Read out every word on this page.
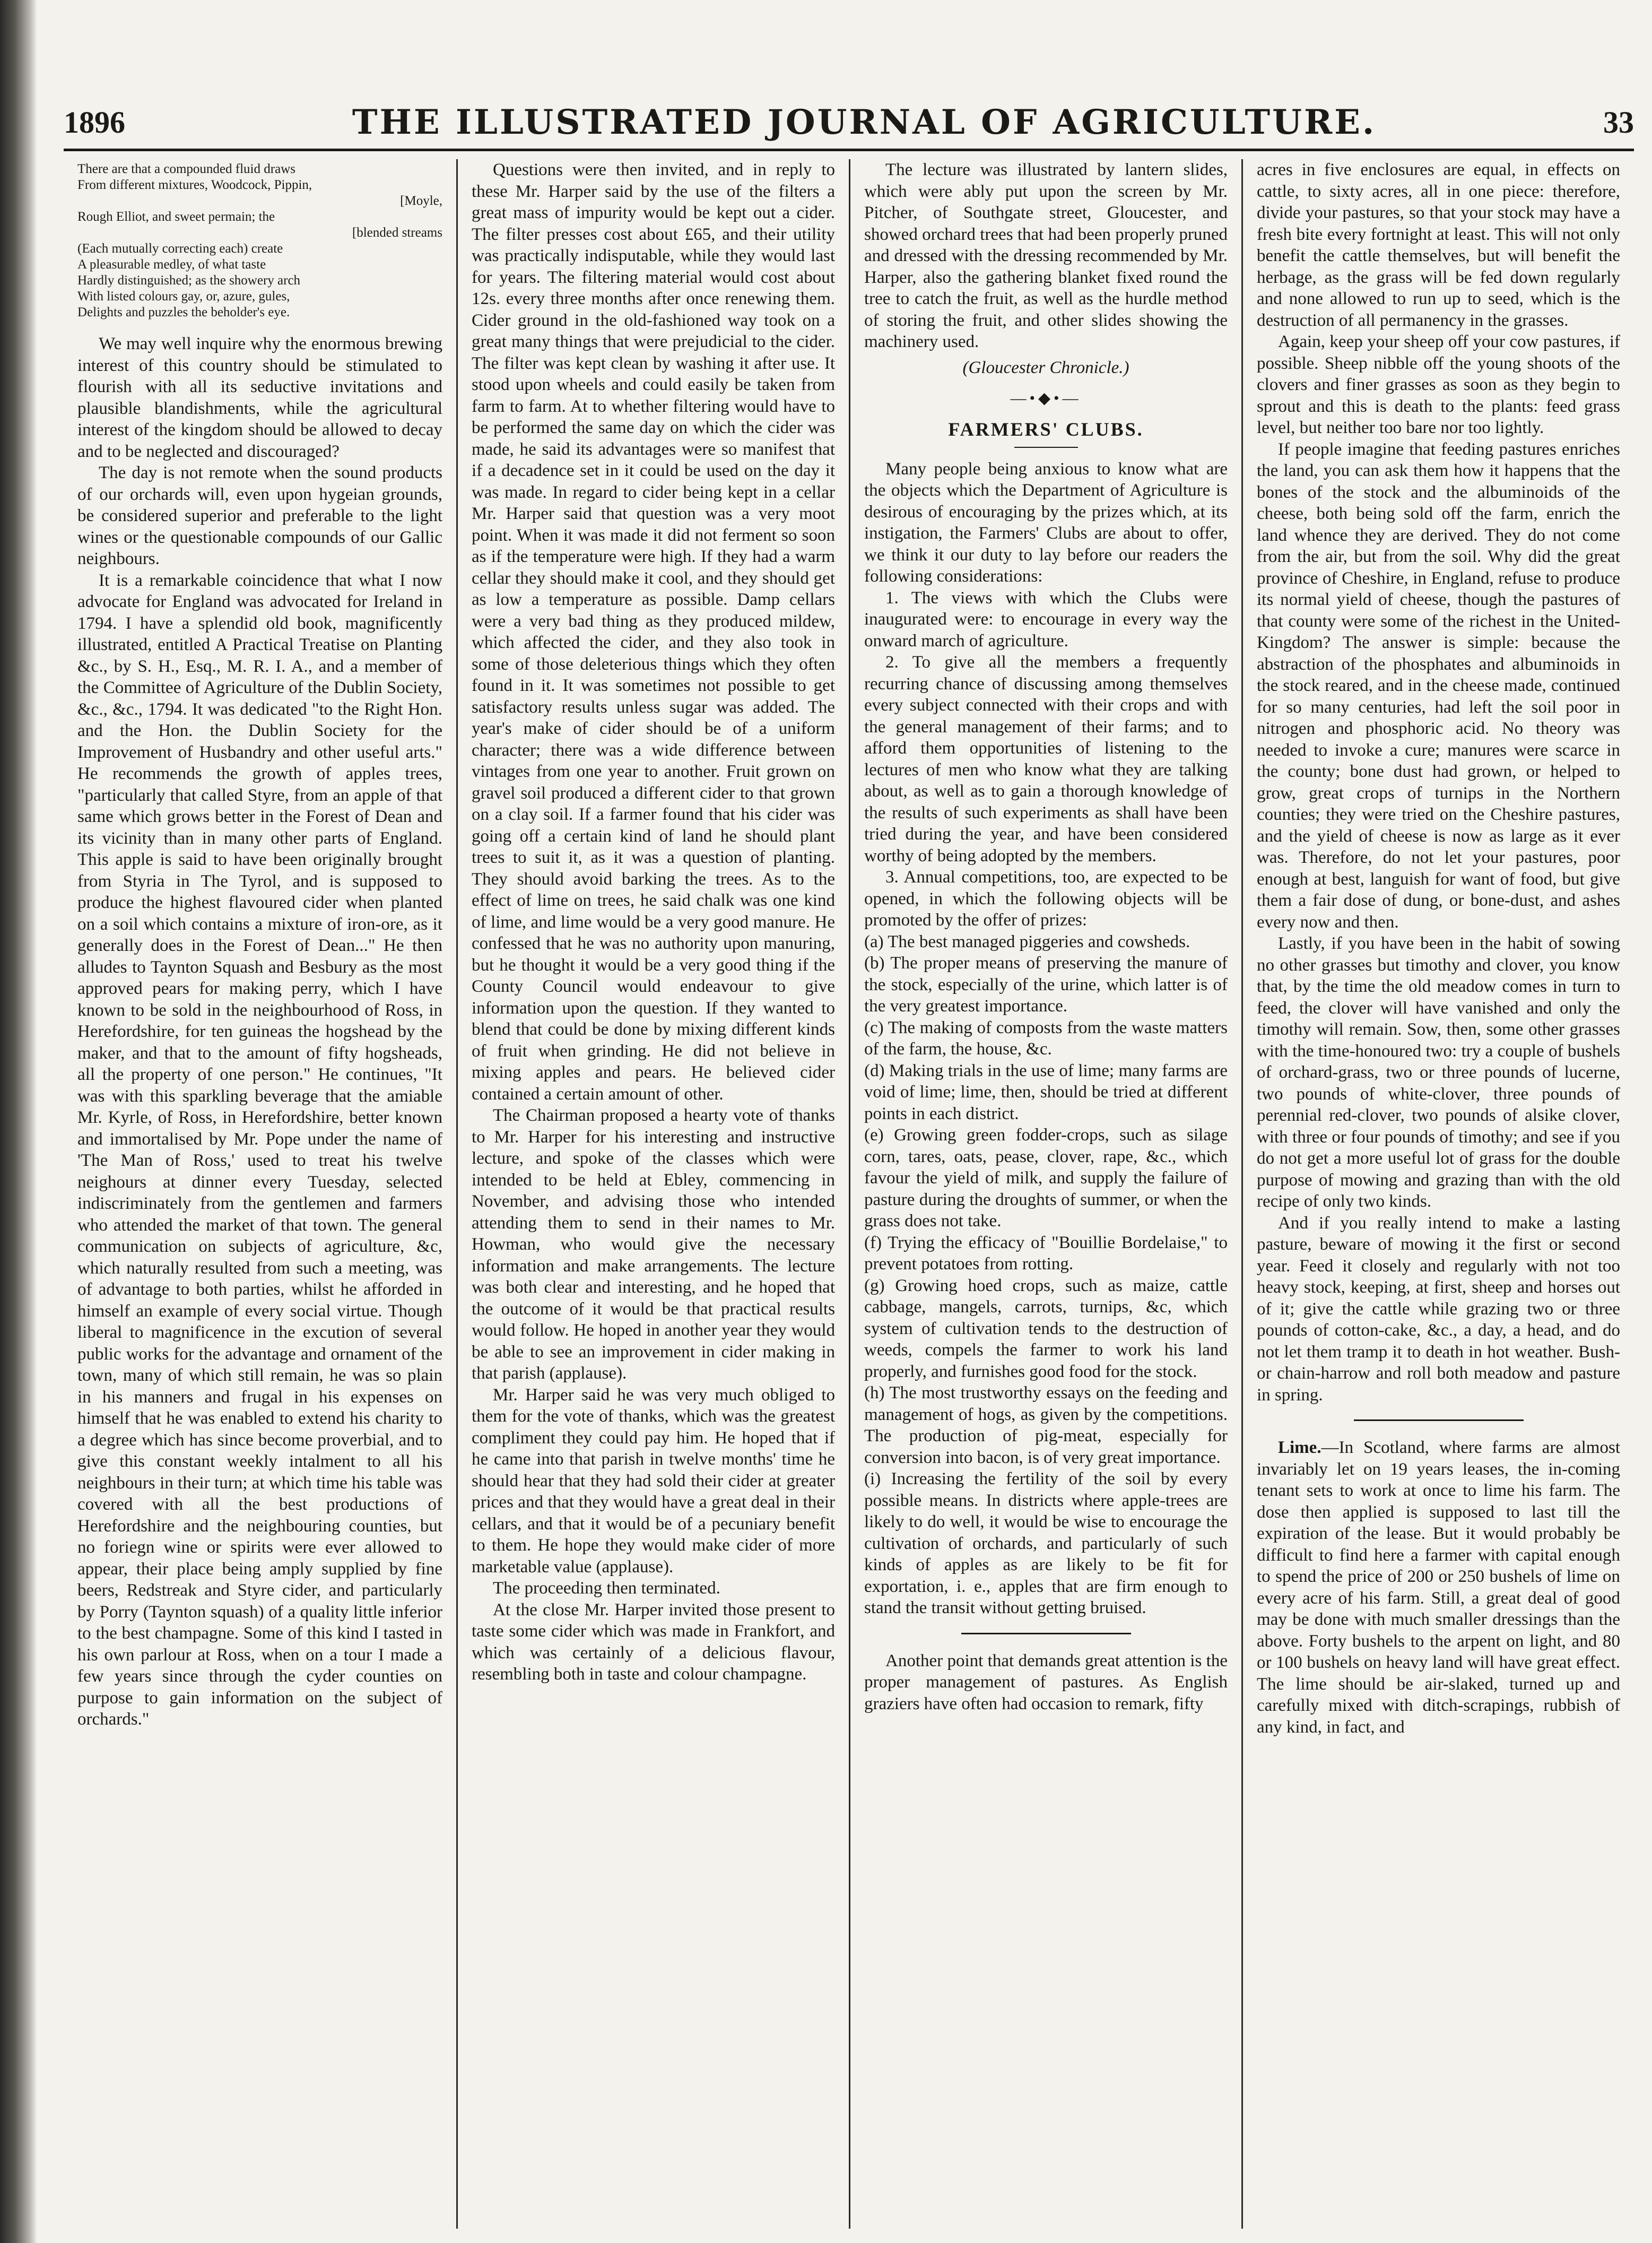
1896	THE ILLUSTRATED JOURNAL OF AGRICULTURE.	33
There are that a compounded fluid draws
From different mixtures, Woodcock, Pippin,
[Moyle,
Rough Elliot, and sweet permain; the
[blended streams
(Each mutually correcting each) create
A pleasurable medley, of what taste
Hardly distinguished; as the showery arch
With listed colours gay, or, azure, gules,
Delights and puzzles the beholder's eye.

We may well inquire why the enormous brewing interest of this country should be stimulated to flourish with all its seductive invitations and plausible blandishments, while the agricultural interest of the kingdom should be allowed to decay and to be neglected and discouraged?

The day is not remote when the sound products of our orchards will, even upon hygeian grounds, be considered superior and preferable to the light wines or the questionable compounds of our Gallic neighbours.

It is a remarkable coincidence that what I now advocate for England was advocated for Ireland in 1794. I have a splendid old book, magnificently illustrated, entitled A Practical Treatise on Planting &c., by S. H., Esq., M. R. I. A., and a member of the Committee of Agriculture of the Dublin Society, &c., &c., 1794. It was dedicated "to the Right Hon. and the Hon. the Dublin Society for the Improvement of Husbandry and other useful arts." He recommends the growth of apples trees, "particularly that called Styre, from an apple of that same which grows better in the Forest of Dean and its vicinity than in many other parts of England. This apple is said to have been originally brought from Styria in The Tyrol, and is supposed to produce the highest flavoured cider when planted on a soil which contains a mixture of iron-ore, as it generally does in the Forest of Dean..." He then alludes to Taynton Squash and Besbury as the most approved pears for making perry, which I have known to be sold in the neighbourhood of Ross, in Herefordshire, for ten guineas the hogshead by the maker, and that to the amount of fifty hogsheads, all the property of one person." He continues, "It was with this sparkling beverage that the amiable Mr. Kyrle, of Ross, in Herefordshire, better known and immortalised by Mr. Pope under the name of 'The Man of Ross,' used to treat his twelve neighours at dinner every Tuesday, selected indiscriminately from the gentlemen and farmers who attended the market of that town. The general communication on subjects of agriculture, &c, which naturally resulted from such a meeting, was of advantage to both parties, whilst he afforded in himself an example of every social virtue. Though liberal to magnificence in the excution of several public works for the advantage and ornament of the town, many of which still remain, he was so plain in his manners and frugal in his expenses on himself that he was enabled to extend his charity to a degree which has since become proverbial, and to give this constant weekly intalment to all his neighbours in their turn; at which time his table was covered with all the best productions of Herefordshire and the neighbouring counties, but no foriegn wine or spirits were ever allowed to appear, their place being amply supplied by fine beers, Redstreak and Styre cider, and particularly by Porry (Taynton squash) of a quality little inferior to the best champagne. Some of this kind I tasted in his own parlour at Ross, when on a tour I made a few years since through the cyder counties on purpose to gain information on the subject of orchards."

Questions were then invited, and in reply to these Mr. Harper said by the use of the filters a great mass of impurity would be kept out a cider. The filter presses cost about £65, and their utility was practically indisputable, while they would last for years. The filtering material would cost about 12s. every three months after once renewing them. Cider ground in the old-fashioned way took on a great many things that were prejudicial to the cider. The filter was kept clean by washing it after use. It stood upon wheels and could easily be taken from farm to farm. At to whether filtering would have to be performed the same day on which the cider was made, he said its advantages were so manifest that if a decadence set in it could be used on the day it was made. In regard to cider being kept in a cellar Mr. Harper said that question was a very moot point. When it was made it did not ferment so soon as if the temperature were high. If they had a warm cellar they should make it cool, and they should get as low a temperature as possible. Damp cellars were a very bad thing as they produced mildew, which affected the cider, and they also took in some of those deleterious things which they often found in it. It was sometimes not possible to get satisfactory results unless sugar was added. The year's make of cider should be of a uniform character; there was a wide difference between vintages from one year to another. Fruit grown on gravel soil produced a different cider to that grown on a clay soil. If a farmer found that his cider was going off a certain kind of land he should plant trees to suit it, as it was a question of planting. They should avoid barking the trees. As to the effect of lime on trees, he said chalk was one kind of lime, and lime would be a very good manure. He confessed that he was no authority upon manuring, but he thought it would be a very good thing if the County Council would endeavour to give information upon the question. If they wanted to blend that could be done by mixing different kinds of fruit when grinding. He did not believe in mixing apples and pears. He believed cider contained a certain amount of other.

The Chairman proposed a hearty vote of thanks to Mr. Harper for his interesting and instructive lecture, and spoke of the classes which were intended to be held at Ebley, commencing in November, and advising those who intended attending them to send in their names to Mr. Howman, who would give the necessary information and make arrangements. The lecture was both clear and interesting, and he hoped that the outcome of it would be that practical results would follow. He hoped in another year they would be able to see an improvement in cider making in that parish (applause).

Mr. Harper said he was very much obliged to them for the vote of thanks, which was the greatest compliment they could pay him. He hoped that if he came into that parish in twelve months' time he should hear that they had sold their cider at greater prices and that they would have a great deal in their cellars, and that it would be of a pecuniary benefit to them. He hope they would make cider of more marketable value (applause).

The proceeding then terminated.

At the close Mr. Harper invited those present to taste some cider which was made in Frankfort, and which was certainly of a delicious flavour, resembling both in taste and colour champagne.

The lecture was illustrated by lantern slides, which were ably put upon the screen by Mr. Pitcher, of Southgate street, Gloucester, and showed orchard trees that had been properly pruned and dressed with the dressing recommended by Mr. Harper, also the gathering blanket fixed round the tree to catch the fruit, as well as the hurdle method of storing the fruit, and other slides showing the machinery used.

(Gloucester Chronicle.)
—•◆•—
FARMERS' CLUBS.

Many people being anxious to know what are the objects which the Department of Agriculture is desirous of encouraging by the prizes which, at its instigation, the Farmers' Clubs are about to offer, we think it our duty to lay before our readers the following considerations:

1. The views with which the Clubs were inaugurated were: to encourage in every way the onward march of agriculture.

2. To give all the members a frequently recurring chance of discussing among themselves every subject connected with their crops and with the general management of their farms; and to afford them opportunities of listening to the lectures of men who know what they are talking about, as well as to gain a thorough knowledge of the results of such experiments as shall have been tried during the year, and have been considered worthy of being adopted by the members.

3. Annual competitions, too, are expected to be opened, in which the following objects will be promoted by the offer of prizes:

(a) The best managed piggeries and cowsheds.

(b) The proper means of preserving the manure of the stock, especially of the urine, which latter is of the very greatest importance.

(c) The making of composts from the waste matters of the farm, the house, &c.

(d) Making trials in the use of lime; many farms are void of lime; lime, then, should be tried at different points in each district.

(e) Growing green fodder-crops, such as silage corn, tares, oats, pease, clover, rape, &c., which favour the yield of milk, and supply the failure of pasture during the droughts of summer, or when the grass does not take.

(f) Trying the efficacy of "Bouillie Bordelaise," to prevent potatoes from rotting.

(g) Growing hoed crops, such as maize, cattle cabbage, mangels, carrots, turnips, &c, which system of cultivation tends to the destruction of weeds, compels the farmer to work his land properly, and furnishes good food for the stock.

(h) The most trustworthy essays on the feeding and management of hogs, as given by the competitions. The production of pig-meat, especially for conversion into bacon, is of very great importance.

(i) Increasing the fertility of the soil by every possible means. In districts where apple-trees are likely to do well, it would be wise to encourage the cultivation of orchards, and particularly of such kinds of apples as are likely to be fit for exportation, i. e., apples that are firm enough to stand the transit without getting bruised.

Another point that demands great attention is the proper management of pastures. As English graziers have often had occasion to remark, fifty

acres in five enclosures are equal, in effects on cattle, to sixty acres, all in one piece: therefore, divide your pastures, so that your stock may have a fresh bite every fortnight at least. This will not only benefit the cattle themselves, but will benefit the herbage, as the grass will be fed down regularly and none allowed to run up to seed, which is the destruction of all permanency in the grasses.

Again, keep your sheep off your cow pastures, if possible. Sheep nibble off the young shoots of the clovers and finer grasses as soon as they begin to sprout and this is death to the plants: feed grass level, but neither too bare nor too lightly.

If people imagine that feeding pastures enriches the land, you can ask them how it happens that the bones of the stock and the albuminoids of the cheese, both being sold off the farm, enrich the land whence they are derived. They do not come from the air, but from the soil. Why did the great province of Cheshire, in England, refuse to produce its normal yield of cheese, though the pastures of that county were some of the richest in the United-Kingdom? The answer is simple: because the abstraction of the phosphates and albuminoids in the stock reared, and in the cheese made, continued for so many centuries, had left the soil poor in nitrogen and phosphoric acid. No theory was needed to invoke a cure; manures were scarce in the county; bone dust had grown, or helped to grow, great crops of turnips in the Northern counties; they were tried on the Cheshire pastures, and the yield of cheese is now as large as it ever was. Therefore, do not let your pastures, poor enough at best, languish for want of food, but give them a fair dose of dung, or bone-dust, and ashes every now and then.

Lastly, if you have been in the habit of sowing no other grasses but timothy and clover, you know that, by the time the old meadow comes in turn to feed, the clover will have vanished and only the timothy will remain. Sow, then, some other grasses with the time-honoured two: try a couple of bushels of orchard-grass, two or three pounds of lucerne, two pounds of white-clover, three pounds of perennial red-clover, two pounds of alsike clover, with three or four pounds of timothy; and see if you do not get a more useful lot of grass for the double purpose of mowing and grazing than with the old recipe of only two kinds.

And if you really intend to make a lasting pasture, beware of mowing it the first or second year. Feed it closely and regularly with not too heavy stock, keeping, at first, sheep and horses out of it; give the cattle while grazing two or three pounds of cotton-cake, &c., a day, a head, and do not let them tramp it to death in hot weather. Bush- or chain-harrow and roll both meadow and pasture in spring.

Lime.—In Scotland, where farms are almost invariably let on 19 years leases, the in-coming tenant sets to work at once to lime his farm. The dose then applied is supposed to last till the expiration of the lease. But it would probably be difficult to find here a farmer with capital enough to spend the price of 200 or 250 bushels of lime on every acre of his farm. Still, a great deal of good may be done with much smaller dressings than the above. Forty bushels to the arpent on light, and 80 or 100 bushels on heavy land will have great effect. The lime should be air-slaked, turned up and carefully mixed with ditch-scrapings, rubbish of any kind, in fact, and
